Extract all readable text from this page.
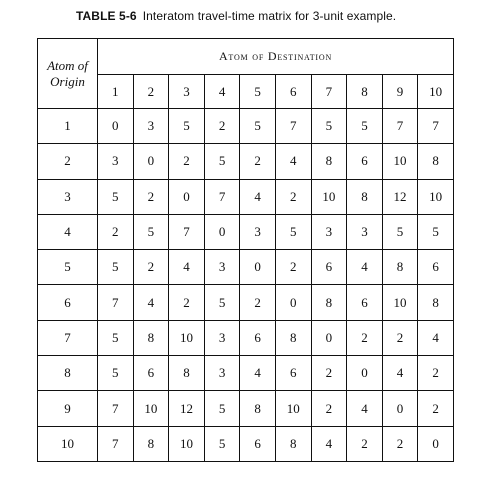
TABLE 5-6 Interatom travel-time matrix for 3-unit example.
Atom of
Origin	Atom of Destination									
	1	2	3	4	5	6	7	8	9	10
1	0	3	5	2	5	7	5	5	7	7
2	3	0	2	5	2	4	8	6	10	8
3	5	2	0	7	4	2	10	8	12	10
4	2	5	7	0	3	5	3	3	5	5
5	5	2	4	3	0	2	6	4	8	6
6	7	4	2	5	2	0	8	6	10	8
7	5	8	10	3	6	8	0	2	2	4
8	5	6	8	3	4	6	2	0	4	2
9	7	10	12	5	8	10	2	4	0	2
10	7	8	10	5	6	8	4	2	2	0
